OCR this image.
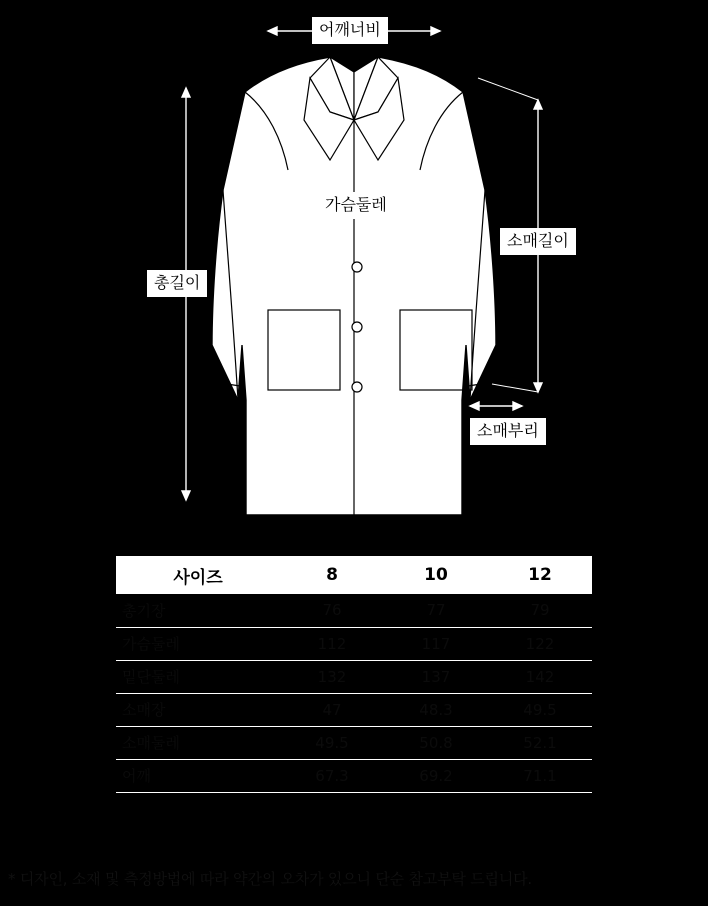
어깨너비
가슴둘레
소매길이
총길이
소매부리
사이즈	8	10	12
총기장	76	77	79
가슴둘레	112	117	122
밑단둘레	132	137	142
소매장	47	48.3	49.5
소매둘레	49.5	50.8	52.1
어깨	67.3	69.2	71.1
* 디자인, 소재 및 측정방법에 따라 약간의 오차가 있으니 단순 참고부탁 드립니다.
